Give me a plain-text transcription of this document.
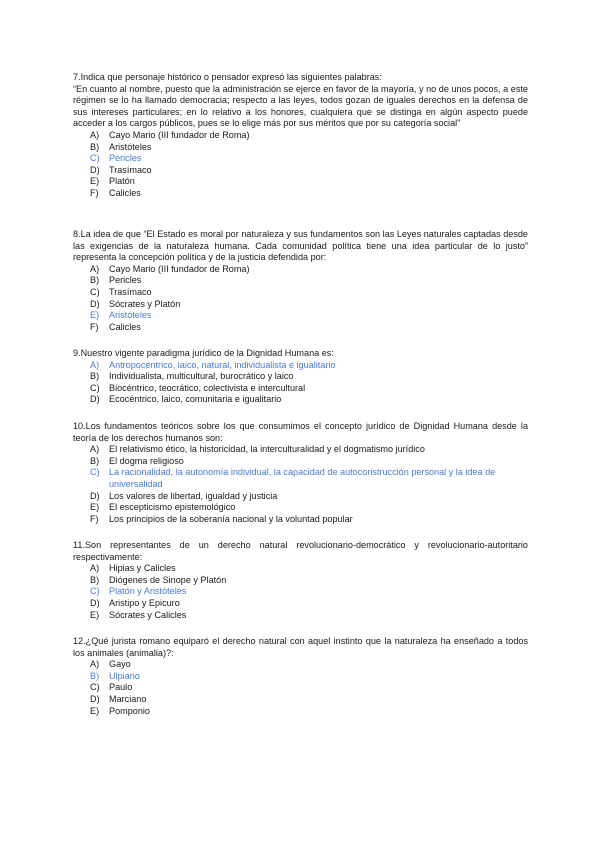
7.Indica que personaje histórico o pensador expresó las siguientes palabras:

“En cuanto al nombre, puesto que la administración se ejerce en favor de la mayoría, y no de unos pocos, a este régimen se lo ha llamado democracia; respecto a las leyes, todos gozan de iguales derechos en la defensa de sus intereses particulares; en lo relativo a los honores, cualquiera que se distinga en algún aspecto puede acceder a los cargos públicos, pues se lo elige más por sus méritos que por su categoría social”

A) Cayo Mario (III fundador de Roma)
B) Aristóteles
C) Pericles
D) Trasímaco
E) Platón
F) Calicles

8.La idea de que “El Estado es moral por naturaleza y sus fundamentos son las Leyes naturales captadas desde las exigencias de la naturaleza humana. Cada comunidad política tiene una idea particular de lo justo” representa la concepción política y de la justicia defendida por:

A) Cayo Mario (III fundador de Roma)
B) Pericles
C) Trasímaco
D) Sócrates y Platón
E) Aristóteles
F) Calicles

9.Nuestro vigente paradigma jurídico de la Dignidad Humana es:

A) Antropocéntrico, laico, natural, individualista e igualitario
B) Individualista, multicultural, burocrático y laico
C) Biocéntrico, teocrático, colectivista e intercultural
D) Ecocéntrico, laico, comunitaria e igualitario

10.Los fundamentos teóricos sobre los que consumimos el concepto jurídico de Dignidad Humana desde la teoría de los derechos humanos son:

A) El relativismo ético, la historicidad, la interculturalidad y el dogmatismo jurídico
B) El dogma religioso
C) La racionalidad, la autonomía individual, la capacidad de autoconstrucción personal y la idea de universalidad
D) Los valores de libertad, igualdad y justicia
E) El escepticismo epistemológico
F) Los principios de la soberanía nacional y la voluntad popular

11.Son representantes de un derecho natural revolucionario-democrático y revolucionario-autoritario respectivamente:

A) Hipias y Calicles
B) Diógenes de Sinope y Platón
C) Platón y Aristóteles
D) Aristipo y Epicuro
E) Sócrates y Calicles

12.¿Qué jurista romano equiparó el derecho natural con aquel instinto que la naturaleza ha enseñado a todos los animales (animalia)?:

A) Gayo
B) Ulpiano
C) Paulo
D) Marciano
E) Pomponio
